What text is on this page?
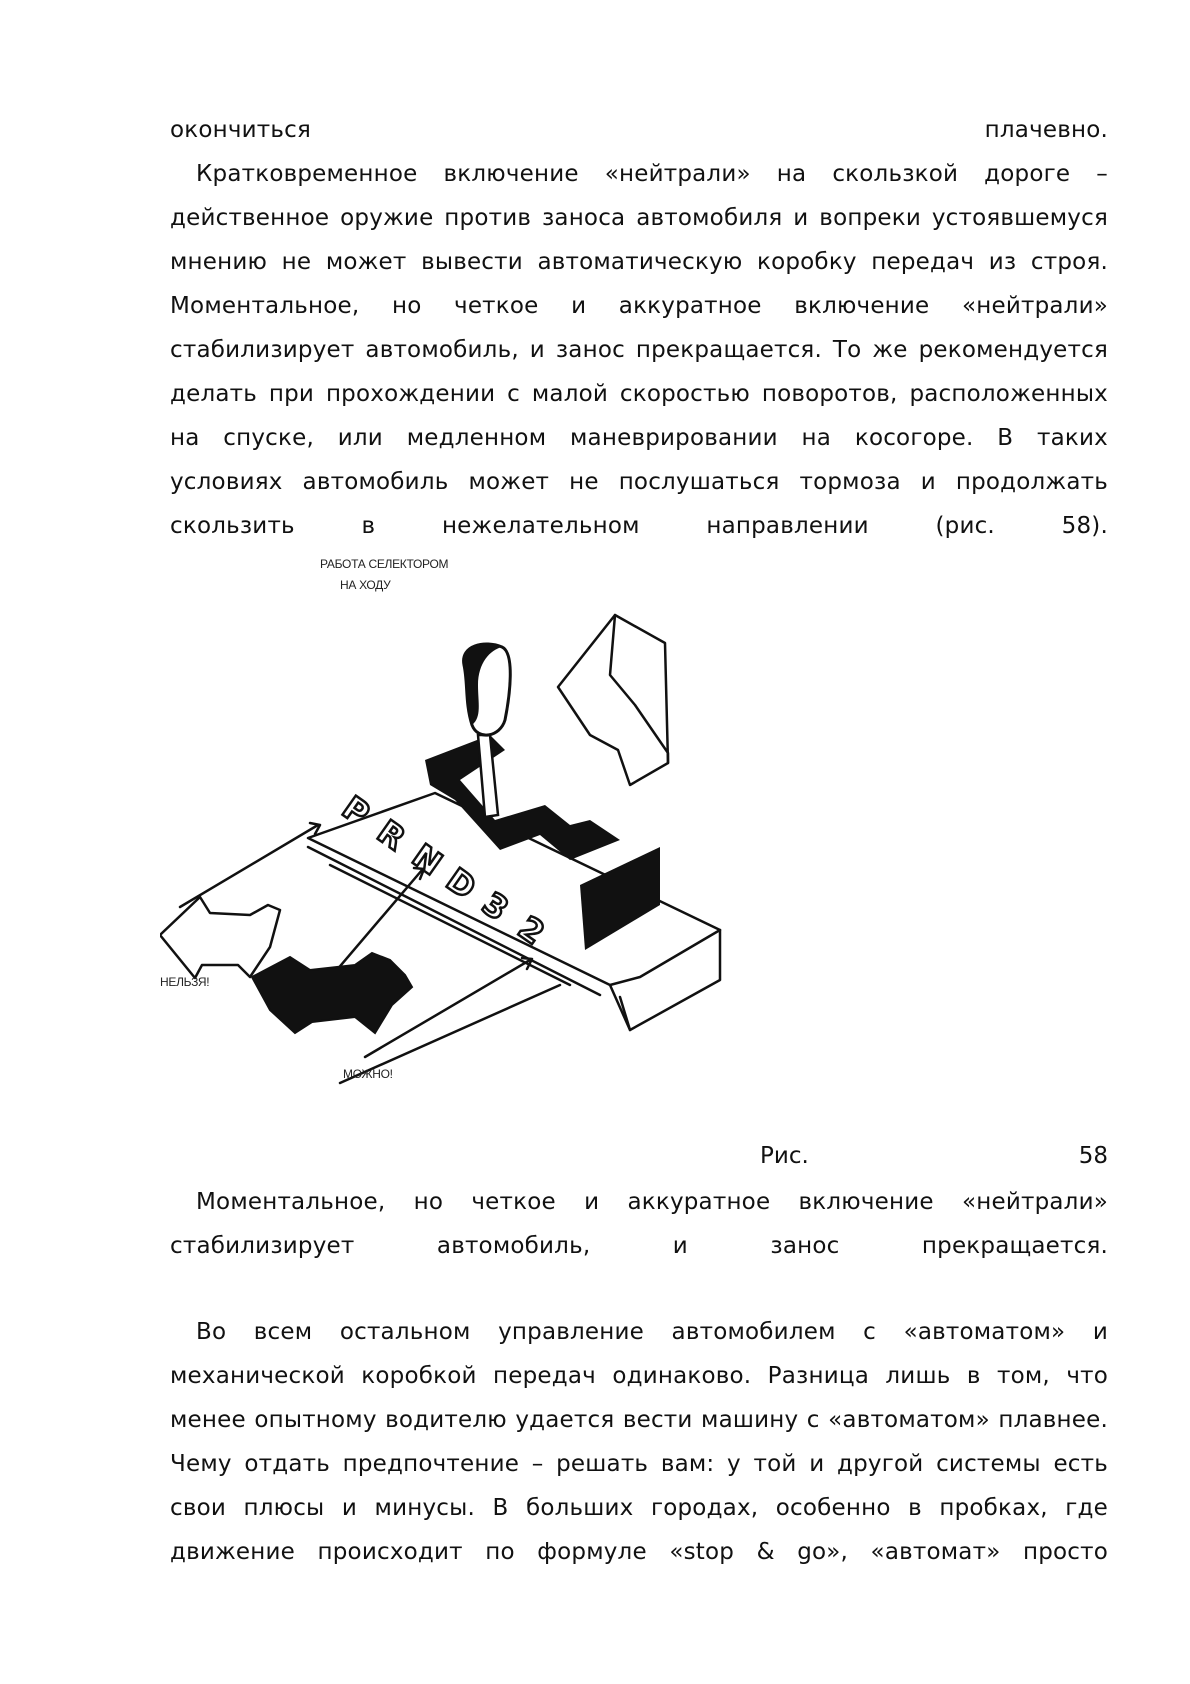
окончиться плачевно.
Кратковременное включение «нейтрали» на скользкой дороге –
действенное оружие против заноса автомобиля и вопреки устоявшемуся
мнению не может вывести автоматическую коробку передач из строя.
Моментальное, но четкое и аккуратное включение «нейтрали»
стабилизирует автомобиль, и занос прекращается. То же рекомендуется
делать при прохождении с малой скоростью поворотов, расположенных
на спуске, или медленном маневрировании на косогоре. В таких
условиях автомобиль может не послушаться тормоза и продолжать
скользить в нежелательном направлении (рис. 58).
P
R
N
D
3
2
РАБОТА СЕЛЕКТОРОМ
НА ХОДУ
НЕЛЬЗЯ!
МОЖНО!
Рис.	58
Моментальное, но четкое и аккуратное включение «нейтрали»
стабилизирует автомобиль, и занос прекращается.
Во всем остальном управление автомобилем с «автоматом» и
механической коробкой передач одинаково. Разница лишь в том, что
менее опытному водителю удается вести машину с «автоматом» плавнее.
Чему отдать предпочтение – решать вам: у той и другой системы есть
свои плюсы и минусы. В больших городах, особенно в пробках, где
движение происходит по формуле «stop & go», «автомат» просто
